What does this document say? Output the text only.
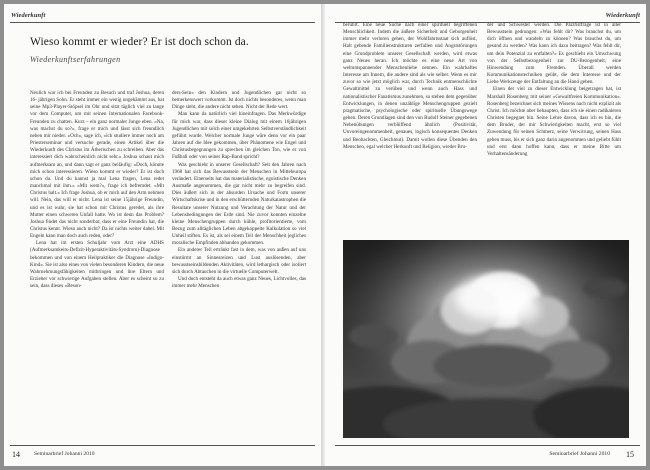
Wiederkunft
Wieso kommt er wieder? Er ist doch schon da.
Wiederkunftserfahrungen

Neulich war ich bei Freunden zu Besuch und traf Joshua, deren 16- jährigen Sohn. Er steht immer ein wenig ungekämmt aus, hat seine Mp3-Player-Stöpsel im Ohr und sitzt täglich viel zu lange vor dem Computer, um mit seinen Internationalen Facebook-Freunden zu chatten. Kurz – ein ganz normaler Junge eben. »Na, was machst du so?«, frage er mich und lässt sich freundlich neben mir nieder. »Och«, sage ich, »ich studiere immer noch am Priesterseminar und versuche gerade, einen Artikel über die Wiederkunft des Christus im Ätherischen zu schreiben. Aber das interessiert dich wahrscheinlich nicht sehr.« Joshua schaut mich aufmerksam an, und dann sagt er ganz beiläufig: »Doch, könnte mich schon interessieren. Wieso kommt er wieder? Er ist doch schon da. Und du kannst ja mal Lena fragen, Lena redet manchmal mit ihm.« »Mit wem?«, frage ich befremdet. »Mit Christus halt.« Ich frage Joshua, ob er mich auf den Arm nehmen will. Nein, das will er nicht. Lena ist seine 15jährige Freundin, und es ist wahr, sie hat schon mit Christus geredet, als ihre Mutter einen schweren Unfall hatte. Wo ist denn das Problem? Joshua findet das nicht sonderbar, dass er eine Freundin hat, die Christus kennt. Wieso auch nicht? Da ist nichts weiter dabei. Mit Engeln kann man doch auch reden, oder?

Lena hat im ersten Schuljahr vom Arzt eine ADHS (Aufmerksamkeits-Defizit-Hyperaktivitäts-Syndrom)-Diagnose bekommen und von einem Heilpraktiker die Diagnose »Indigo-Kind«. Sie ist also eines von vielen besonderen Kindern, die neue Wahrnehmungsfähigkeiten mitbringen und ihre Eltern und Erzieher vor schwierige Aufgaben stellen. Aber es scheint so zu sein, dass dieses »Beson-

ders-Sein« den Kindern und Jugendlichen gar nicht so bemerkenswert vorkommt. Ist doch nichts besonderes, wenn man Dinge sieht, die andere nicht sehen. Nicht der Rede wert.

Man kann da natürlich viel hineinfragen. Das Merkwürdige für mich war, dass dieser kleine Dialog mit einem 16jährigen Jugendlichen mit solch einer umgekehrten Selbstverständlichkeit geführt wurde. Welcher normale Junge wäre denn vor ein paar Jahren auf die Idee gekommen, über Phänomene wie Engel und Christusbegegnungen zu sprechen im gleichen Ton, wie er von Fußball oder von seiner Rap-Band spricht?

Was geschieht in unserer Gesellschaft? Seit den Jahren nach 1968 hat sich das Bewusstsein der Menschen in Mitteleuropa verändert. Einerseits hat das materialistische, egoistische Denken Ausmaße angenommen, die gar nicht mehr zu begreifen sind. Dies äußert sich in der absurden Ursache und Form unserer Wirtschaftskrise und in den erschütternden Naturkatastrophen die Resultate unserer Nutzung und Verachtung der Natur und der Lebensbedingungen der Erde sind. Nie zuvor konnten einzelne kleine Menschengruppen durch kühle, profitorientierte, vom Bezug zum alltäglichen Leben abgekoppelte Kalkulation so viel Unheil stiften. Es ist, als sei einem Teil der Menschheit jegliches moralische Empfinden abhanden gekommen.

Ein anderer Teil ertränkt fast in dem, was von außen auf uns einstürmt an Sinnesreizen und Lust auslösenden, aber bewusstseinsbildenden Aktivitäten, wird lethargisch oder isoliert sich durch Abtauchen in die virtuelle Computerwelt.

Und doch entsteht da auch etwas ganz Neues, Lichtvolles, das immer mehr Menschen

14	Seminarbrief Johanni 2010
Wiederkunft

berührt. Eine neue Suche nach einer spirituell begriffenen Menschlichkeit. Indem die äußere Sicherheit und Geborgenheit immer mehr verloren gehen, der Wohlfahrtsstaat sich auflöst, Halt gebende Familienstrukturen zerfallen und Angststörungen eine Grundproblem unserer Gesellschaft werden, wird etwas ganz Neues heran. Ich möchte es eine neue Art von weltumspannender Menschenliebe nennen. Ein wahrhaftes Interesse am Innern, die andere sind als wie selber. Wenn es mir zuvor so wie jetzt möglich war, durch Technik entmenschlichte Gewaltmittel zu verüben und wenn auch Hass und nationalistischer Fanatismus zunehmen, so stehen dem gegenüber Entwicklungen, in denen unzählige Menschengruppen gezielt pragmatische, psychologische oder spirituelle Übungswege gehen. Deren Grundlagen sind den von Rudolf Steiner gegebenen Nebenübungen verblüffend ähnlich (Positivität, Unvoreingenommenheit, genaues, logisch konsequentes Denken und Beobachten, Gleichmut). Damit wollen diese Übenden den Menschen, egal welcher Herkunft und Religion, wieder Bru-

der und Schwester werden. Die Pazifistfrage ist in aller Bewusstsein gedrungen: »Was fehlt dir? Was brauchst du, um dich öffnen und wandeln zu können? Was brauchst du, um gesund zu werden? Was kann ich dazu beitragen? Was fehlt dir, um dein Potenzial zu entfalten?« Es geschieht ein Umschwung von der Selbstbezogenheit zur DU-Bezogenheit, eine Hinwendung zum Fremden. Überall werden Kommunikationstechniken geübt, die dem Interesse und der Liebe Werkzeuge der Entfaltung an die Hand geben.

Einen der viel zu dieser Entwicklung beigetragen hat, ist Marshall Rosenberg mit seiner »Gewaltfreien Kommunikation«. Rosenberg bezeichnet sich meines Wissens nach nicht explizit als Christ. Ich möchte aber behaupten, dass ich sie einen radikaleren Christen begegnet bin. Seine Lehre davon, dass ich es bin, die dem Bruder, der mir Schwierigkeiten macht, erst so viel Zuwendung für seinen Schmerz, seine Verwirrung, seinen Hass geben muss, bis er sich ganz darin angenommen und geliebt fühlt und erst dann hoffen kann, dass er meine Bitte um Verhaltensänderung

Seminarbrief Johanni 2010 15
